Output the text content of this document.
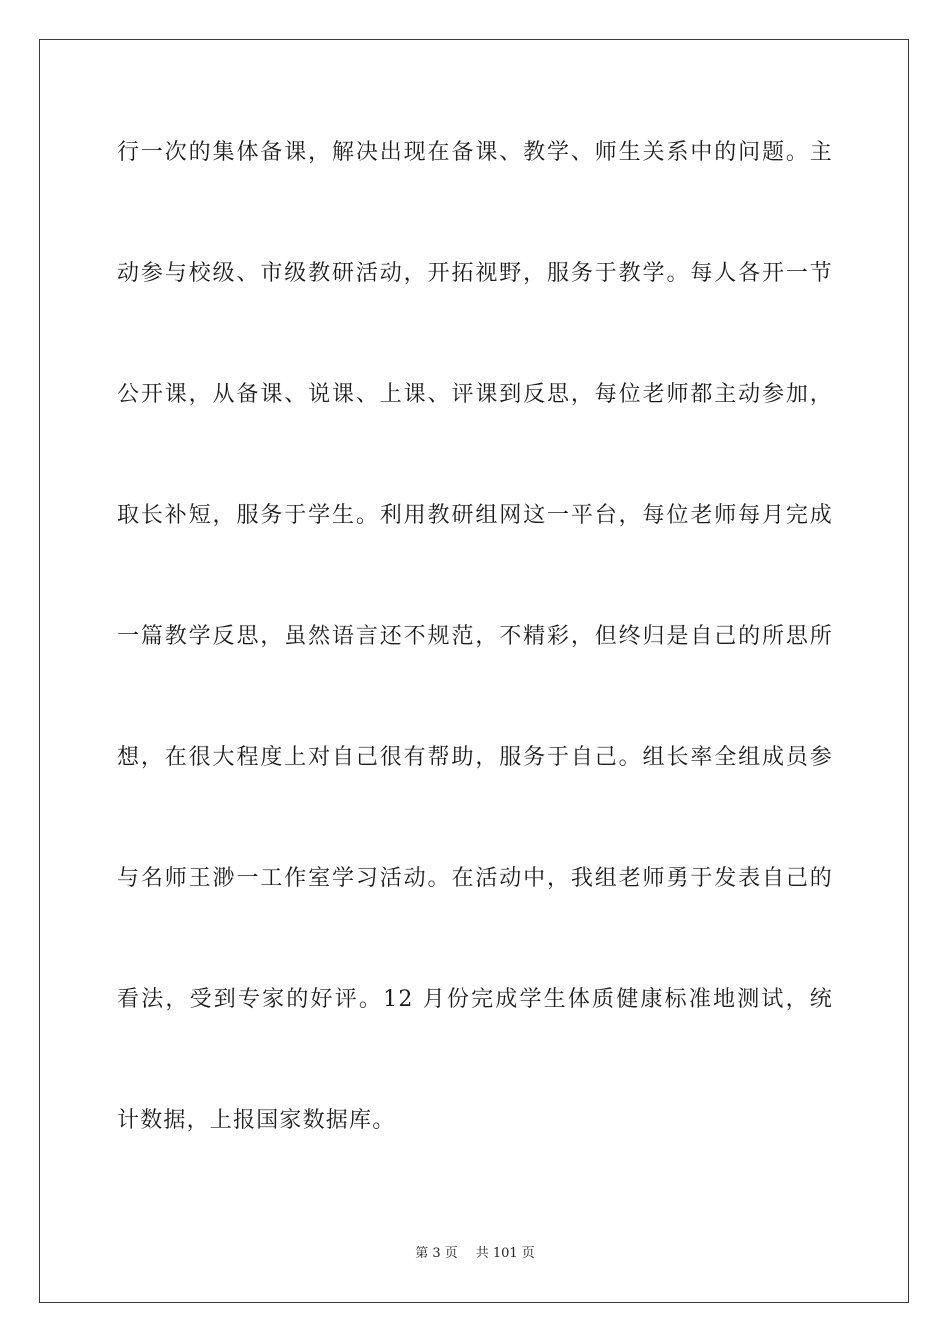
行一次的集体备课，解决出现在备课、教学、师生关系中的问题。主
动参与校级、市级教研活动，开拓视野，服务于教学。每人各开一节
公开课，从备课、说课、上课、评课到反思，每位老师都主动参加，
取长补短，服务于学生。利用教研组网这一平台，每位老师每月完成
一篇教学反思，虽然语言还不规范，不精彩，但终归是自己的所思所
想，在很大程度上对自己很有帮助，服务于自己。组长率全组成员参
与名师王渺一工作室学习活动。在活动中，我组老师勇于发表自己的
看法，受到专家的好评。12 月份完成学生体质健康标准地测试，统
计数据，上报国家数据库。
第 3 页 共 101 页
